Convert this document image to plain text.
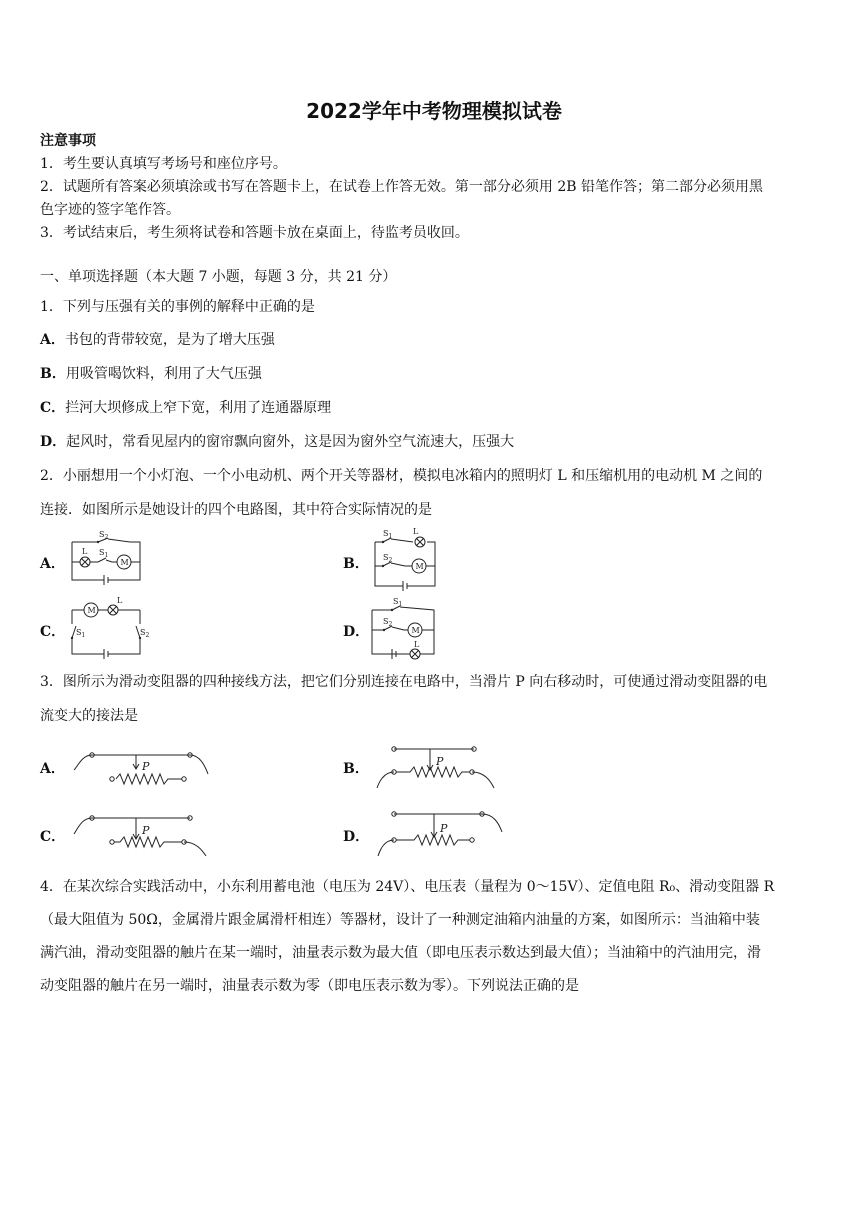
2022学年中考物理模拟试卷
注意事项
1．考生要认真填写考场号和座位序号。
2．试题所有答案必须填涂或书写在答题卡上，在试卷上作答无效。第一部分必须用 2B 铅笔作答；第二部分必须用黑
色字迹的签字笔作答。
3．考试结束后，考生须将试卷和答题卡放在桌面上，待监考员收回。
一、单项选择题（本大题 7 小题，每题 3 分，共 21 分）
1．下列与压强有关的事例的解释中正确的是
A．书包的背带较宽，是为了增大压强
B．用吸管喝饮料，利用了大气压强
C．拦河大坝修成上窄下宽，利用了连通器原理
D．起风时，常看见屋内的窗帘飘向窗外，这是因为窗外空气流速大，压强大
2．小丽想用一个小灯泡、一个小电动机、两个开关等器材，模拟电冰箱内的照明灯 L 和压缩机用的电动机 M 之间的
连接．如图所示是她设计的四个电路图，其中符合实际情况的是
A．	B．
C．	D．
$S_2$
L $S_1$
M
$S_1$
L
$S_2$
M
M
L
$S_1$	$S_2$
$S_1$
$S_2$
M
L
3．图所示为滑动变阻器的四种接线方法，把它们分别连接在电路中，当滑片 P 向右移动时，可使通过滑动变阻器的电
流变大的接法是
A．	B．
C．	D．
P	P
P	P
4．在某次综合实践活动中，小东利用蓄电池（电压为 24V）、电压表（量程为 0～15V）、定值电阻 R₀、滑动变阻器 R
（最大阻值为 50Ω，金属滑片跟金属滑杆相连）等器材，设计了一种测定油箱内油量的方案，如图所示：当油箱中装
满汽油，滑动变阻器的触片在某一端时，油量表示数为最大值（即电压表示数达到最大值）；当油箱中的汽油用完，滑
动变阻器的触片在另一端时，油量表示数为零（即电压表示数为零）。下列说法正确的是
